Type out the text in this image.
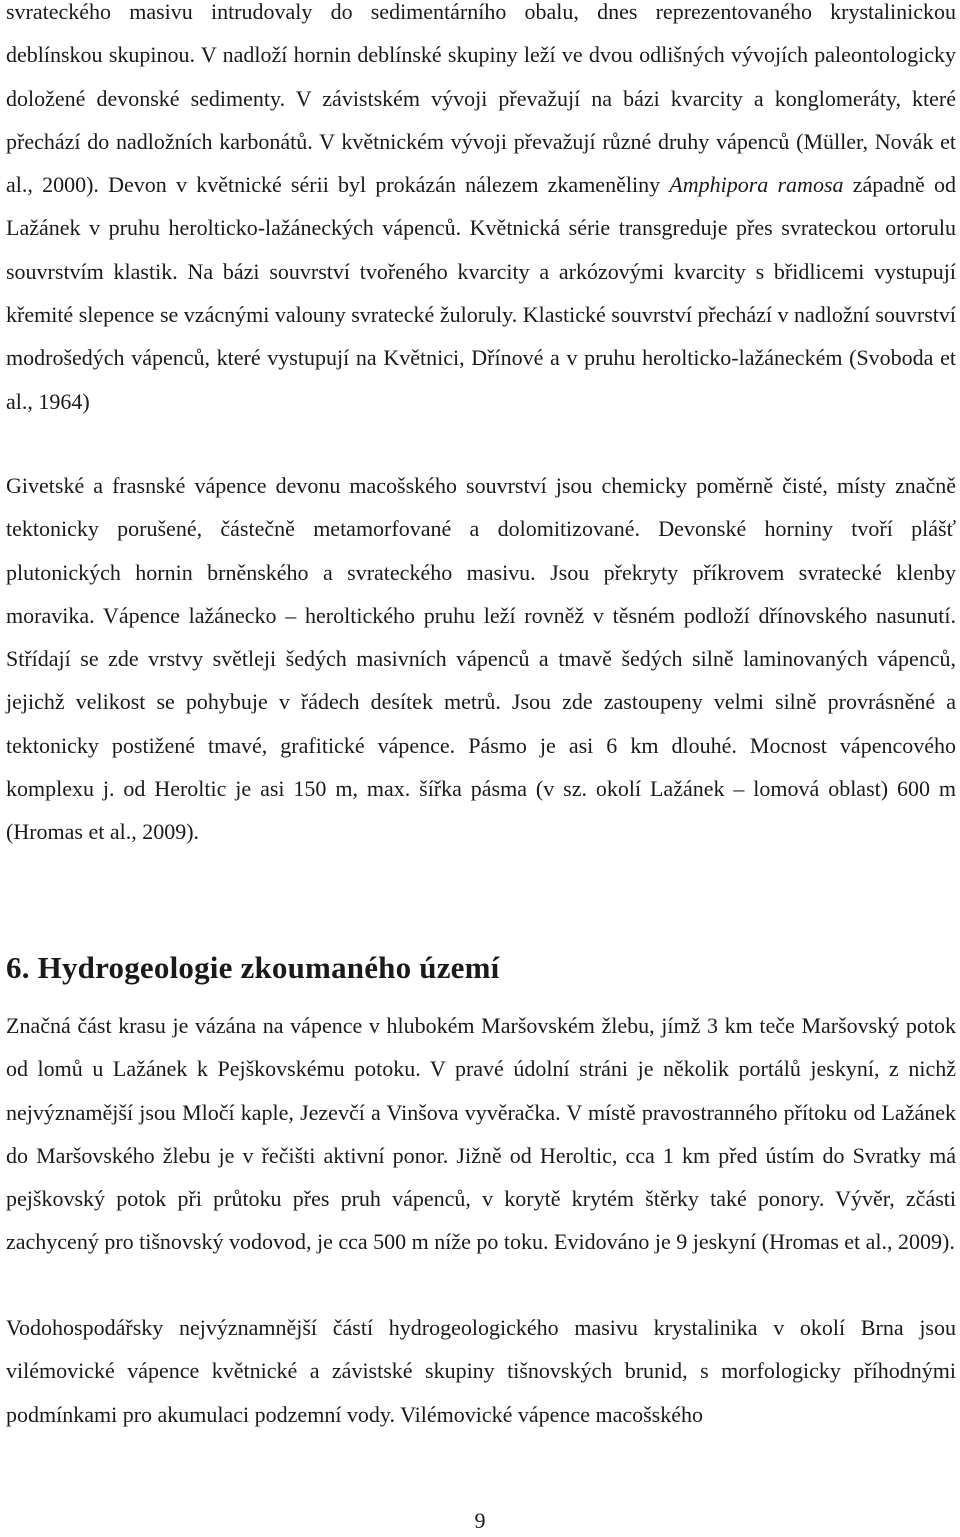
svrateckého masivu intrudovaly do sedimentárního obalu, dnes reprezentovaného krystalinickou deblínskou skupinou. V nadloží hornin deblínské skupiny leží ve dvou odlišných vývojích paleontologicky doložené devonské sedimenty. V závistském vývoji převažují na bázi kvarcity a konglomeráty, které přechází do nadložních karbonátů. V květnickém vývoji převažují různé druhy vápenců (Müller, Novák et al., 2000). Devon v květnické sérii byl prokázán nálezem zkameněliny Amphipora ramosa západně od Lažánek v pruhu herolticko-lažáneckých vápenců. Květnická série transgreduje přes svrateckou ortorulu souvrstvím klastik. Na bázi souvrství tvořeného kvarcity a arkózovými kvarcity s břidlicemi vystupují křemité slepence se vzácnými valouny svratecké žuloruly. Klastické souvrství přechází v nadložní souvrství modrošedých vápenců, které vystupují na Květnici, Dřínové a v pruhu herolticko-lažáneckém (Svoboda et al., 1964)

Givetské a frasnské vápence devonu macošského souvrství jsou chemicky poměrně čisté, místy značně tektonicky porušené, částečně metamorfované a dolomitizované. Devonské horniny tvoří plášť plutonických hornin brněnského a svrateckého masivu. Jsou překryty příkrovem svratecké klenby moravika. Vápence lažánecko – heroltického pruhu leží rovněž v těsném podloží dřínovského nasunutí. Střídají se zde vrstvy světleji šedých masivních vápenců a tmavě šedých silně laminovaných vápenců, jejichž velikost se pohybuje v řádech desítek metrů. Jsou zde zastoupeny velmi silně provrásněné a tektonicky postižené tmavé, grafitické vápence. Pásmo je asi 6 km dlouhé. Mocnost vápencového komplexu j. od Heroltic je asi 150 m, max. šířka pásma (v sz. okolí Lažánek – lomová oblast) 600 m (Hromas et al., 2009).

6. Hydrogeologie zkoumaného území

Značná část krasu je vázána na vápence v hlubokém Maršovském žlebu, jímž 3 km teče Maršovský potok od lomů u Lažánek k Pejškovskému potoku. V pravé údolní stráni je několik portálů jeskyní, z nichž nejvýznamější jsou Mločí kaple, Jezevčí a Vinšova vyvěračka. V místě pravostranného přítoku od Lažánek do Maršovského žlebu je v řečišti aktivní ponor. Jižně od Heroltic, cca 1 km před ústím do Svratky má pejškovský potok při průtoku přes pruh vápenců, v korytě krytém štěrky také ponory. Vývěr, zčásti zachycený pro tišnovský vodovod, je cca 500 m níže po toku. Evidováno je 9 jeskyní (Hromas et al., 2009).

Vodohospodářsky nejvýznamnější částí hydrogeologického masivu krystalinika v okolí Brna jsou vilémovické vápence květnické a závistské skupiny tišnovských brunid, s morfologicky příhodnými podmínkami pro akumulaci podzemní vody. Vilémovické vápence macošského

9
